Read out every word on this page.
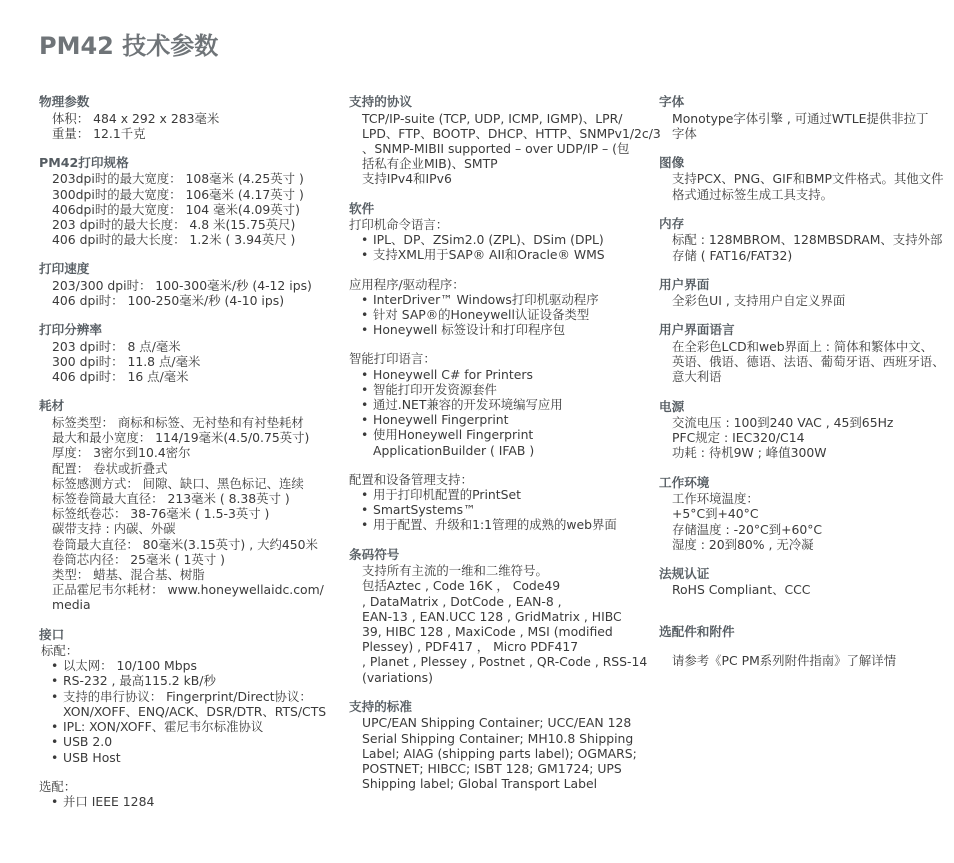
PM42 技术参数
物理参数
体积： 484 x 292 x 283毫米
重量： 12.1千克
PM42打印规格
203dpi时的最大宽度： 108毫米 (4.25英寸 )
300dpi时的最大宽度： 106毫米 (4.17英寸 )
406dpi时的最大宽度： 104 毫米(4.09英寸)
203 dpi时的最大长度： 4.8 米(15.75英尺)
406 dpi时的最大长度： 1.2米 ( 3.94英尺 )
打印速度
203/300 dpi时： 100-300毫米/秒 (4-12 ips)
406 dpi时： 100-250毫米/秒 (4-10 ips)
打印分辨率
203 dpi时： 8 点/毫米
300 dpi时： 11.8 点/毫米
406 dpi时： 16 点/毫米
耗材
标签类型： 商标和标签、无衬垫和有衬垫耗材
最大和最小宽度： 114/19毫米(4.5/0.75英寸)
厚度： 3密尔到10.4密尔
配置： 卷状或折叠式
标签感测方式： 间隙、缺口、黑色标记、连续
标签卷筒最大直径： 213毫米 ( 8.38英寸 )
标签纸卷芯： 38-76毫米 ( 1.5-3英寸 )
碳带支持 : 内碳、外碳
卷筒最大直径： 80毫米(3.15英寸) , 大约450米
卷筒芯内径： 25毫米 ( 1英寸 )
类型： 蜡基、混合基、树脂
正品霍尼韦尔耗材： www.honeywellaidc.com/
media
接口
标配：
• 以太网： 10/100 Mbps
• RS-232 , 最高115.2 kB/秒
• 支持的串行协议： Fingerprint/Direct协议：
XON/XOFF、ENQ/ACK、DSR/DTR、RTS/CTS
• IPL: XON/XOFF、霍尼韦尔标准协议
• USB 2.0
• USB Host
选配：
• 并口 IEEE 1284
支持的协议
TCP/IP-suite (TCP, UDP, ICMP, IGMP)、LPR/
LPD、FTP、BOOTP、DHCP、HTTP、SNMPv1/2c/3
、SNMP-MIBII supported – over UDP/IP – (包
括私有企业MIB)、SMTP
支持IPv4和IPv6
软件
打印机命令语言：
• IPL、DP、ZSim2.0 (ZPL)、DSim (DPL)
• 支持XML用于SAP® AII和Oracle® WMS
应用程序/驱动程序：
• InterDriver™ Windows打印机驱动程序
• 针对 SAP®的Honeywell认证设备类型
• Honeywell 标签设计和打印程序包
智能打印语言：
• Honeywell C# for Printers
• 智能打印开发资源套件
• 通过.NET兼容的开发环境编写应用
• Honeywell Fingerprint
• 使用Honeywell Fingerprint
ApplicationBuilder ( IFAB )
配置和设备管理支持：
• 用于打印机配置的PrintSet
• SmartSystems™
• 用于配置、升级和1:1管理的成熟的web界面
条码符号
支持所有主流的一维和二维符号。
包括Aztec , Code 16K ， Code49
, DataMatrix , DotCode , EAN-8 ,
EAN-13 , EAN.UCC 128 , GridMatrix , HIBC
39, HIBC 128 , MaxiCode , MSI (modified
Plessey) , PDF417 ， Micro PDF417
, Planet , Plessey , Postnet , QR-Code , RSS-14
(variations)
支持的标准
UPC/EAN Shipping Container; UCC/EAN 128
Serial Shipping Container; MH10.8 Shipping
Label; AIAG (shipping parts label); OGMARS;
POSTNET; HIBCC; ISBT 128; GM1724; UPS
Shipping label; Global Transport Label
字体
Monotype字体引擎 , 可通过WTLE提供非拉丁
字体
图像
支持PCX、PNG、GIF和BMP文件格式。其他文件
格式通过标签生成工具支持。
内存
标配 : 128MBROM、128MBSDRAM、支持外部
存储 ( FAT16/FAT32)
用户界面
全彩色UI , 支持用户自定义界面
用户界面语言
在全彩色LCD和web界面上 : 简体和繁体中文、
英语、俄语、德语、法语、葡萄牙语、西班牙语、
意大利语
电源
交流电压 : 100到240 VAC , 45到65Hz
PFC规定 : IEC320/C14
功耗 : 待机9W ; 峰值300W
工作环境
工作环境温度：
+5°C到+40°C
存储温度 : -20°C到+60°C
湿度 : 20到80% , 无冷凝
法规认证
RoHS Compliant、CCC
选配件和附件
请参考《PC PM系列附件指南》了解详情
